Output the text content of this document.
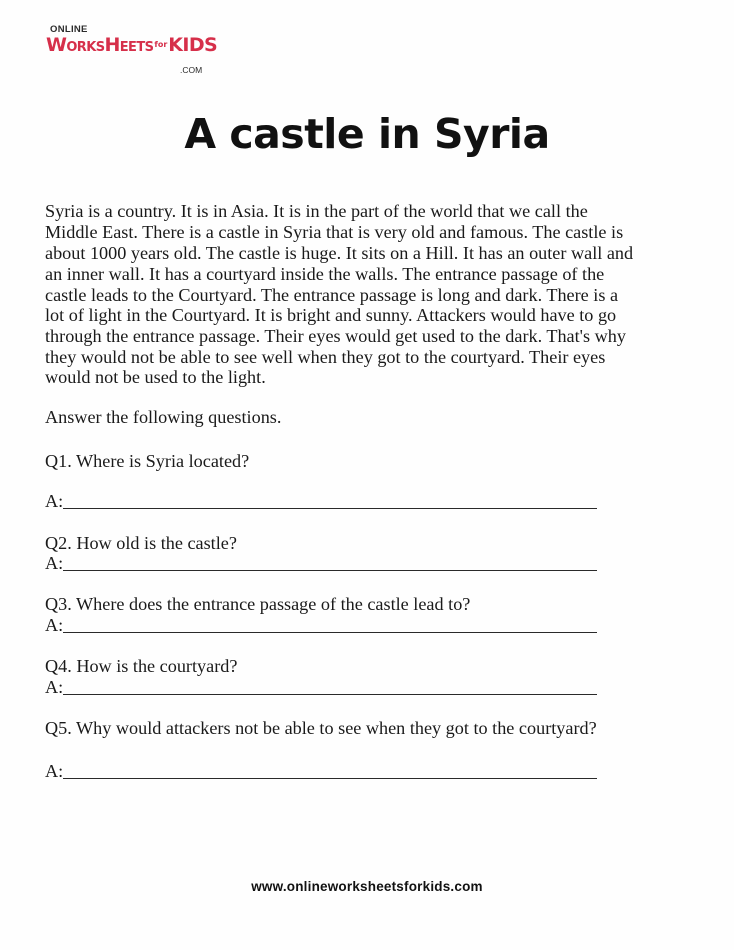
ONLINE
WorksHeets$^{for}$KIDS
.COM
A castle in Syria
Syria is a country. It is in Asia. It is in the part of the world that we call the
Middle East. There is a castle in Syria that is very old and famous. The castle is
about 1000 years old. The castle is huge. It sits on a Hill. It has an outer wall and
an inner wall. It has a courtyard inside the walls. The entrance passage of the
castle leads to the Courtyard. The entrance passage is long and dark. There is a
lot of light in the Courtyard. It is bright and sunny. Attackers would have to go
through the entrance passage. Their eyes would get used to the dark. That's why
they would not be able to see well when they got to the courtyard. Their eyes
would not be used to the light.
Answer the following questions.
Q1. Where is Syria located?
A:
Q2. How old is the castle?
A:
Q3. Where does the entrance passage of the castle lead to?
A:
Q4. How is the courtyard?
A:
Q5. Why would attackers not be able to see when they got to the courtyard?
A:
www.onlineworksheetsforkids.com
